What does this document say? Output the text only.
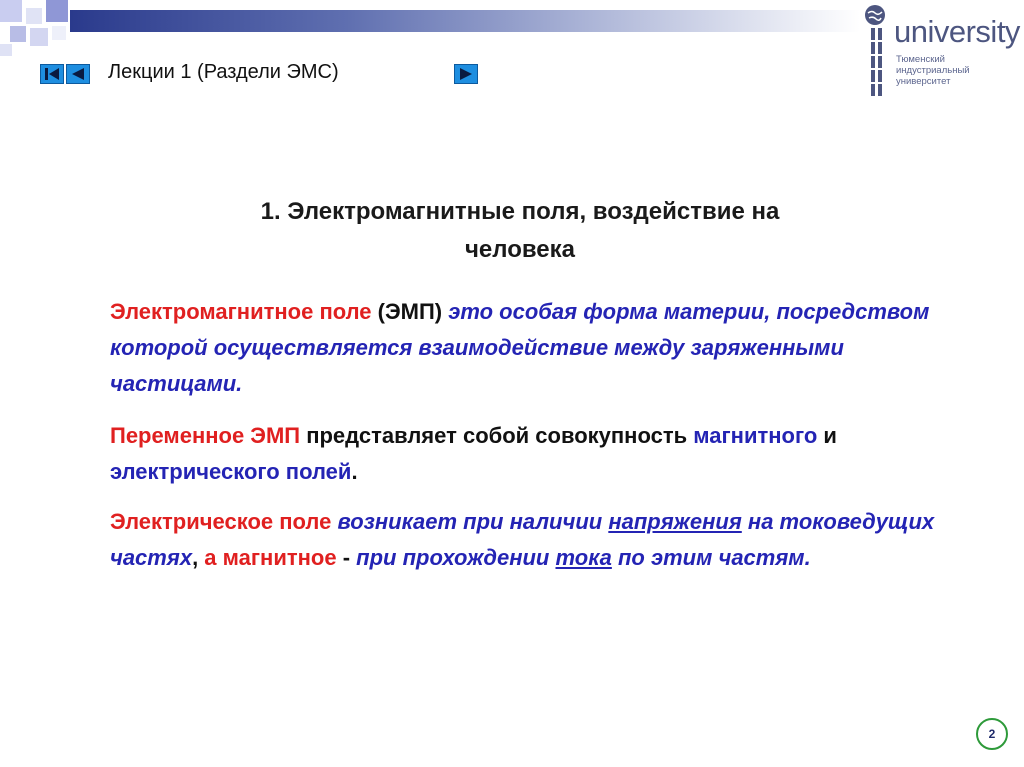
Лекции 1 (Раздели ЭМС)
university
Тюменский
индустриальный
университет
1. Электромагнитные поля, воздействие на
человека
Электромагнитное поле (ЭМП) это особая форма материи, посредством которой осуществляется взаимодействие между заряженными частицами.
Переменное ЭМП представляет собой совокупность магнитного и электрического полей.
Электрическое поле возникает при наличии напряжения на токоведущих частях, а магнитное - при прохождении тока по этим частям.
2
